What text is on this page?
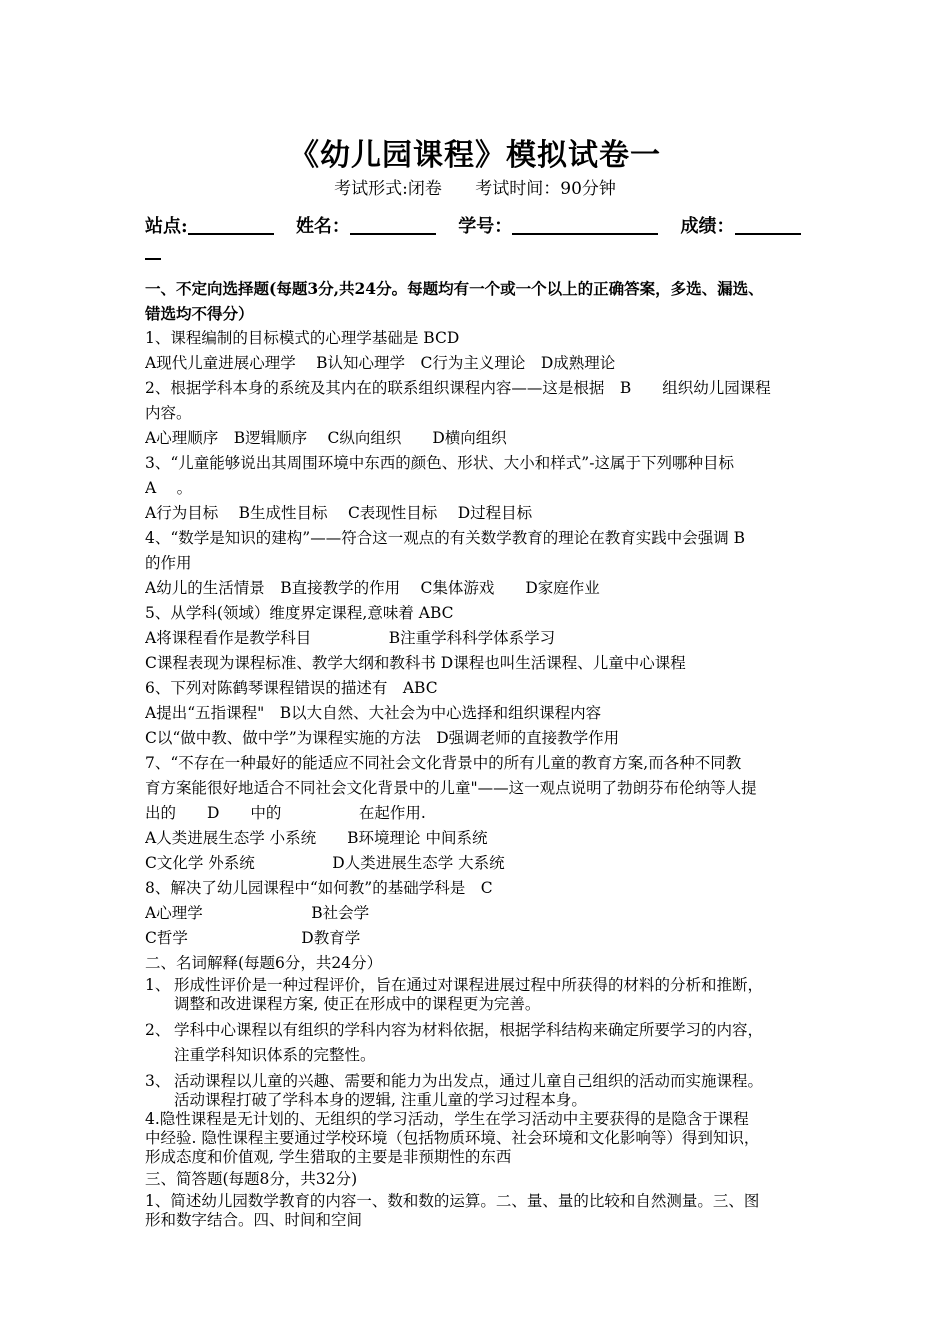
《幼儿园课程》模拟试卷一
考试形式:闭卷 考试时间：90分钟
站点:	姓名：	学号：	成绩：
一、不定向选择题(每题3分,共24分。每题均有一个或一个以上的正确答案，多选、漏选、
错选均不得分）
1、课程编制的目标模式的心理学基础是 BCD
A现代儿童进展心理学　 B认知心理学　C行为主义理论　D成熟理论
2、根据学科本身的系统及其内在的联系组织课程内容——这是根据　B　　组织幼儿园课程
内容。
A心理顺序　B逻辑顺序　 C纵向组织　　D横向组织
3、“儿童能够说出其周围环境中东西的颜色、形状、大小和样式”-这属于下列哪种目标
A　 。
A行为目标　 B生成性目标　 C表现性目标　 D过程目标
4、“数学是知识的建构”——符合这一观点的有关数学教育的理论在教育实践中会强调 B
的作用
A幼儿的生活情景　B直接教学的作用　 C集体游戏　　D家庭作业
5、从学科(领域）维度界定课程,意味着 ABC
A将课程看作是教学科目　　　　　B注重学科科学体系学习
C课程表现为课程标准、教学大纲和教科书 D课程也叫生活课程、儿童中心课程
6、下列对陈鹤琴课程错误的描述有　ABC
A提出“五指课程"　B以大自然、大社会为中心选择和组织课程内容
C以“做中教、做中学”为课程实施的方法　D强调老师的直接教学作用
7、“不存在一种最好的能适应不同社会文化背景中的所有儿童的教育方案,而各种不同教
育方案能很好地适合不同社会文化背景中的儿童"——这一观点说明了勃朗芬布伦纳等人提
出的　　D　　中的　　　　　在起作用.
A人类进展生态学 小系统　　B环境理论 中间系统
C文化学 外系统　　　　　D人类进展生态学 大系统
8、解决了幼儿园课程中“如何教”的基础学科是　C
A心理学　　　　　　　B社会学
C哲学　　　　　　　 D教育学
二、名词解释(每题6分，共24分）
1、 形成性评价是一种过程评价，旨在通过对课程进展过程中所获得的材料的分析和推断，
调整和改进课程方案, 使正在形成中的课程更为完善。
2、 学科中心课程以有组织的学科内容为材料依据，根据学科结构来确定所要学习的内容，
注重学科知识体系的完整性。
3、 活动课程以儿童的兴趣、需要和能力为出发点，通过儿童自己组织的活动而实施课程。
活动课程打破了学科本身的逻辑, 注重儿童的学习过程本身。
4.隐性课程是无计划的、无组织的学习活动，学生在学习活动中主要获得的是隐含于课程
中经验. 隐性课程主要通过学校环境（包括物质环境、社会环境和文化影响等）得到知识，
形成态度和价值观, 学生猎取的主要是非预期性的东西
三、简答题(每题8分，共32分)
1、简述幼儿园数学教育的内容一、数和数的运算。二、量、量的比较和自然测量。三、图
形和数字结合。四、时间和空间
